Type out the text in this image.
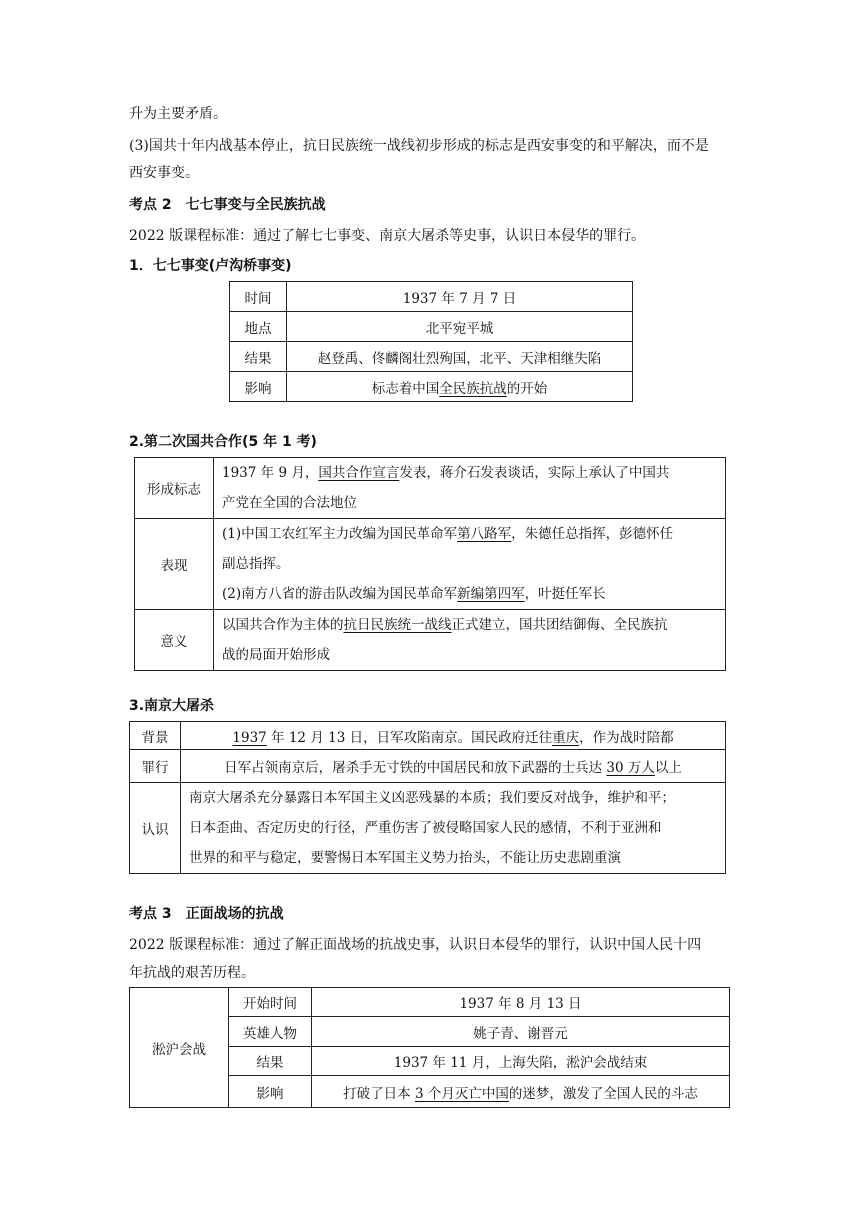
升为主要矛盾。
(3)国共十年内战基本停止，抗日民族统一战线初步形成的标志是西安事变的和平解决，而不是
西安事变。
考点 2　七七事变与全民族抗战
2022 版课程标准：通过了解七七事变、南京大屠杀等史事，认识日本侵华的罪行。
1．七七事变(卢沟桥事变)
时间	1937 年 7 月 7 日
地点	北平宛平城
结果	赵登禹、佟麟阁壮烈殉国，北平、天津相继失陷
影响	标志着中国全民族抗战的开始
2.第二次国共合作(5 年 1 考)
形成标志	1937 年 9 月，国共合作宣言发表，蒋介石发表谈话，实际上承认了中国共
产党在全国的合法地位
表现	(1)中国工农红军主力改编为国民革命军第八路军，朱德任总指挥，彭德怀任
副总指挥。
(2)南方八省的游击队改编为国民革命军新编第四军，叶挺任军长
意义	以国共合作为主体的抗日民族统一战线正式建立，国共团结御侮、全民族抗
战的局面开始形成
3.南京大屠杀
背景	1937 年 12 月 13 日，日军攻陷南京。国民政府迁往重庆，作为战时陪都
罪行	日军占领南京后，屠杀手无寸铁的中国居民和放下武器的士兵达 30 万人以上
认识	南京大屠杀充分暴露日本军国主义凶恶残暴的本质；我们要反对战争，维护和平；
日本歪曲、否定历史的行径，严重伤害了被侵略国家人民的感情，不利于亚洲和
世界的和平与稳定，要警惕日本军国主义势力抬头，不能让历史悲剧重演
考点 3　正面战场的抗战
2022 版课程标准：通过了解正面战场的抗战史事，认识日本侵华的罪行，认识中国人民十四
年抗战的艰苦历程。
淞沪会战	开始时间	1937 年 8 月 13 日
	英雄人物	姚子青、谢晋元
	结果	1937 年 11 月，上海失陷，淞沪会战结束
	影响	打破了日本 3 个月灭亡中国的迷梦，激发了全国人民的斗志
